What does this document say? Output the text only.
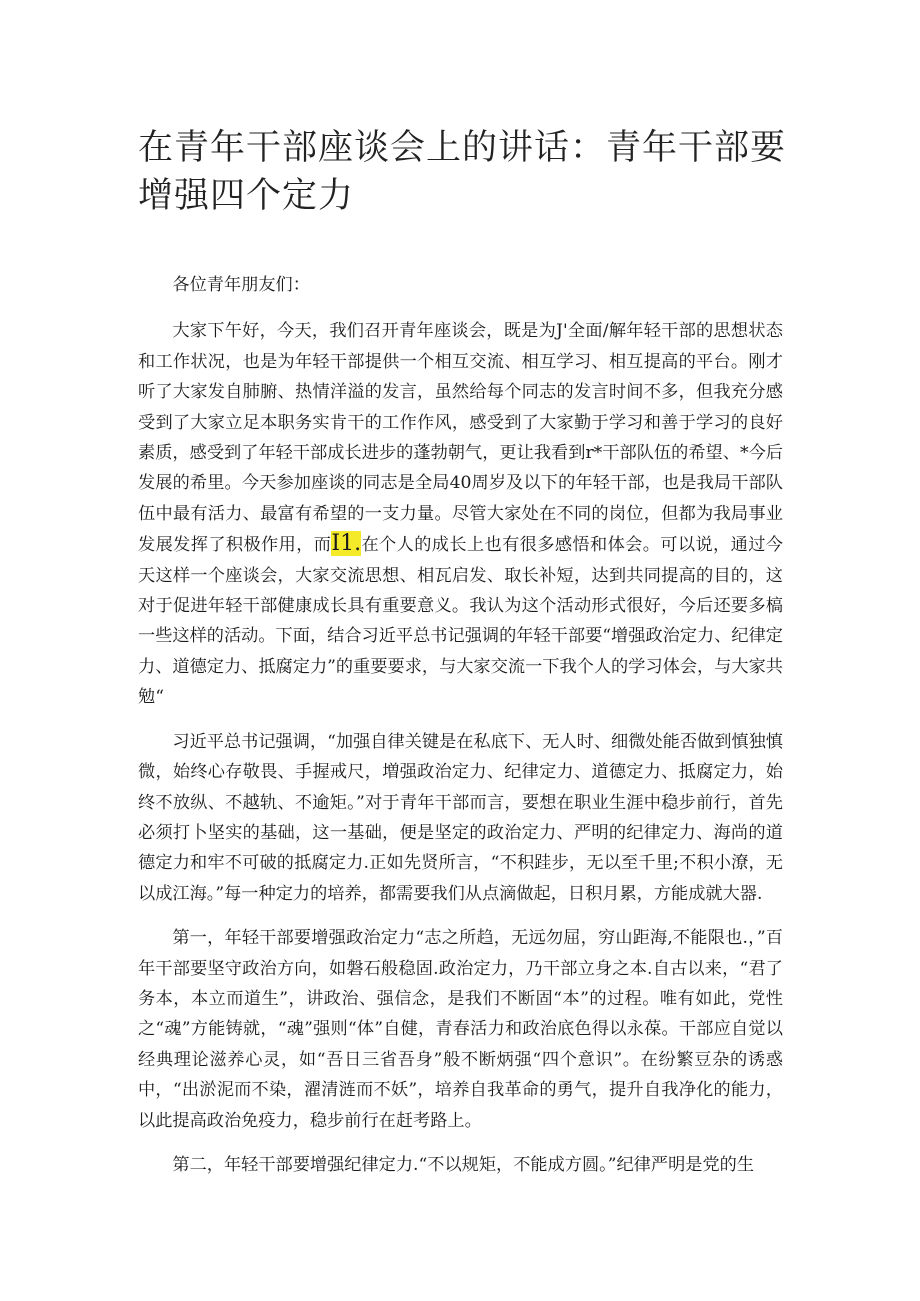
在青年干部座谈会上的讲话：青年干部要增强四个定力

各位青年朋友们：

大家下午好，今天，我们召开青年座谈会，既是为J'全面/解年轻干部的思想状态和工作状况，也是为年轻干部提供一个相互交流、相互学习、相互提高的平台。刚才听了大家发自肺腑、热情洋溢的发言，虽然给每个同志的发言时间不多，但我充分感受到了大家立足本职务实肯干的工作作风，感受到了大家勤于学习和善于学习的良好素质，感受到了年轻干部成长进步的蓬勃朝气，更让我看到r*干部队伍的希望、*今后发展的希里。今天参加座谈的同志是全局40周岁及以下的年轻干部，也是我局干部队伍中最有活力、最富有希望的一支力量。尽管大家处在不同的岗位，但都为我局事业发展发挥了积极作用，而I1.在个人的成长上也有很多感悟和体会。可以说，通过今天这样一个座谈会，大家交流思想、相瓦启发、取长补短，达到共同提高的目的，这对于促进年轻干部健康成长具有重要意义。我认为这个活动形式很好，今后还要多槁一些这样的活动。下面，结合习近平总书记强调的年轻干部要“增强政治定力、纪律定力、道德定力、抵腐定力”的重要要求，与大家交流一下我个人的学习体会，与大家共勉“

习近平总书记强调，“加强自律关键是在私底下、无人时、细微处能否做到慎独慎微，始终心存敬畏、手握戒尺，増强政治定力、纪律定力、道德定力、抵腐定力，始终不放纵、不越轨、不逾矩。”对于青年干部而言，要想在职业生涯中稳步前行，首先必须打卜坚实的基础，这一基础，便是坚定的政治定力、严明的纪律定力、海尚的道德定力和牢不可破的抵腐定力.正如先贤所言，“不积跬步，无以至千里;不积小潦，无以成江海。”每一种定力的培养，都需要我们从点滴做起，日积月累，方能成就大器.

第一，年轻干部要增强政治定力“志之所趋，无远勿屈，穷山距海,不能限也.，”百年干部要坚守政治方向，如磐石般稳固.政治定力，乃干部立身之本.自古以来，“君了务本，本立而道生”，讲政治、强信念，是我们不断固“本”的过程。唯有如此，党性之“魂”方能铸就，“魂”强则“体”自健，青春活力和政治底色得以永葆。干部应自觉以经典理论滋养心灵，如“吾日三省吾身”般不断炳强“四个意识”。在纷繁豆杂的诱惑中，“出淤泥而不染，濯清涟而不妖”，培养自我革命的勇气，提升自我净化的能力，以此提高政治免疫力，稳步前行在赶考路上。

第二，年轻干部要增强纪律定力.“不以规矩，不能成方圆。”纪律严明是党的生
